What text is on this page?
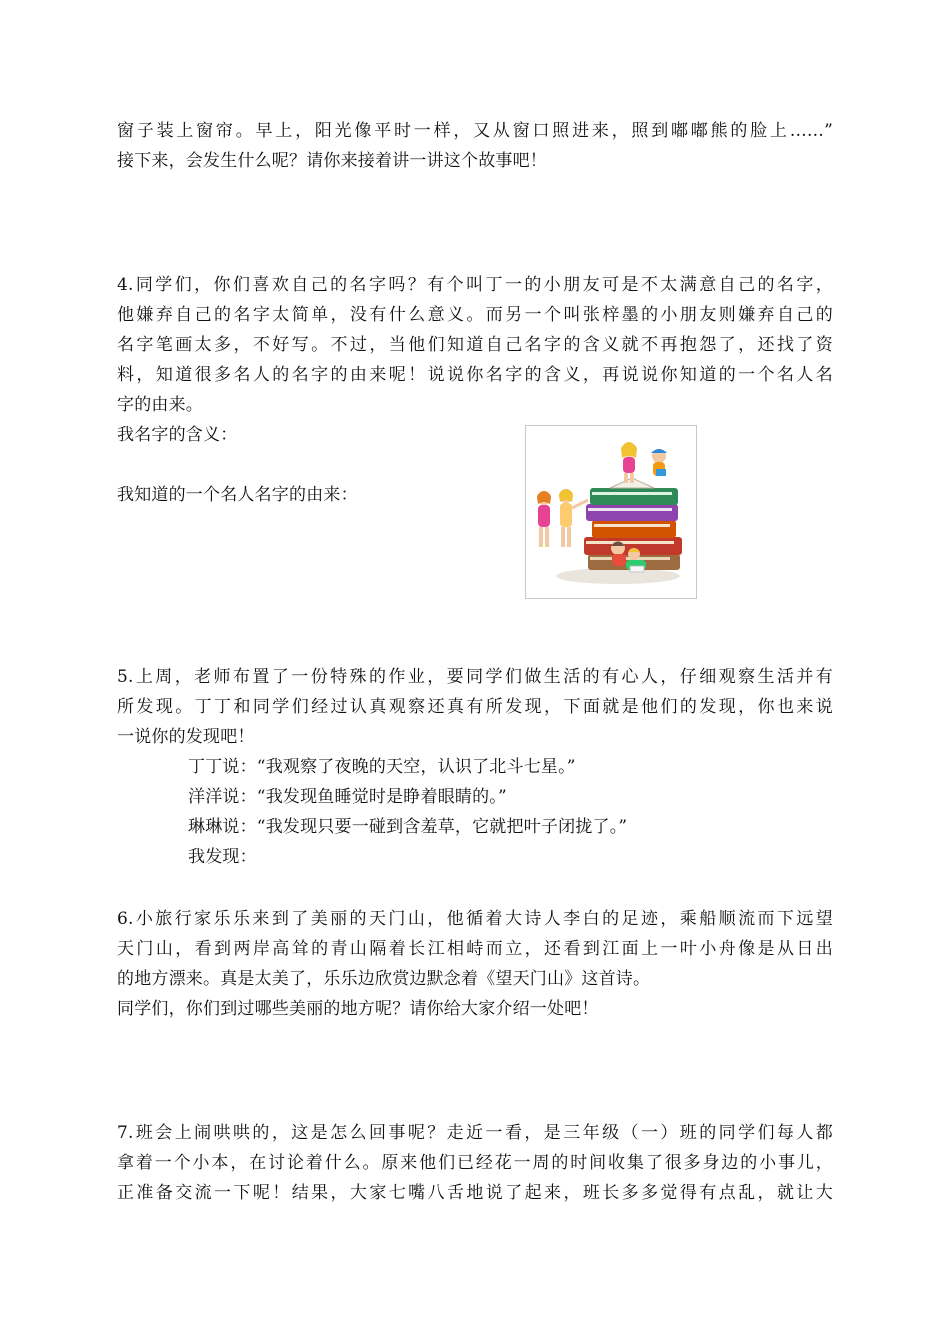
窗子装上窗帘。早上，阳光像平时一样，又从窗口照进来，照到嘟嘟熊的脸上……”
接下来，会发生什么呢？请你来接着讲一讲这个故事吧！
4.同学们，你们喜欢自己的名字吗？有个叫丁一的小朋友可是不太满意自己的名字，
他嫌弃自己的名字太简单，没有什么意义。而另一个叫张梓墨的小朋友则嫌弃自己的
名字笔画太多，不好写。不过，当他们知道自己名字的含义就不再抱怨了，还找了资
料，知道很多名人的名字的由来呢！说说你名字的含义，再说说你知道的一个名人名
字的由来。
我名字的含义：
我知道的一个名人名字的由来：
5.上周，老师布置了一份特殊的作业，要同学们做生活的有心人，仔细观察生活并有
所发现。丁丁和同学们经过认真观察还真有所发现，下面就是他们的发现，你也来说
一说你的发现吧！
丁丁说：“我观察了夜晚的天空，认识了北斗七星。”
洋洋说：“我发现鱼睡觉时是睁着眼睛的。”
琳琳说：“我发现只要一碰到含羞草，它就把叶子闭拢了。”
我发现：
6.小旅行家乐乐来到了美丽的天门山，他循着大诗人李白的足迹，乘船顺流而下远望
天门山，看到两岸高耸的青山隔着长江相峙而立，还看到江面上一叶小舟像是从日出
的地方漂来。真是太美了，乐乐边欣赏边默念着《望天门山》这首诗。
同学们，你们到过哪些美丽的地方呢？请你给大家介绍一处吧！
7.班会上闹哄哄的，这是怎么回事呢？走近一看，是三年级（一）班的同学们每人都
拿着一个小本，在讨论着什么。原来他们已经花一周的时间收集了很多身边的小事儿，
正准备交流一下呢！结果，大家七嘴八舌地说了起来，班长多多觉得有点乱，就让大
